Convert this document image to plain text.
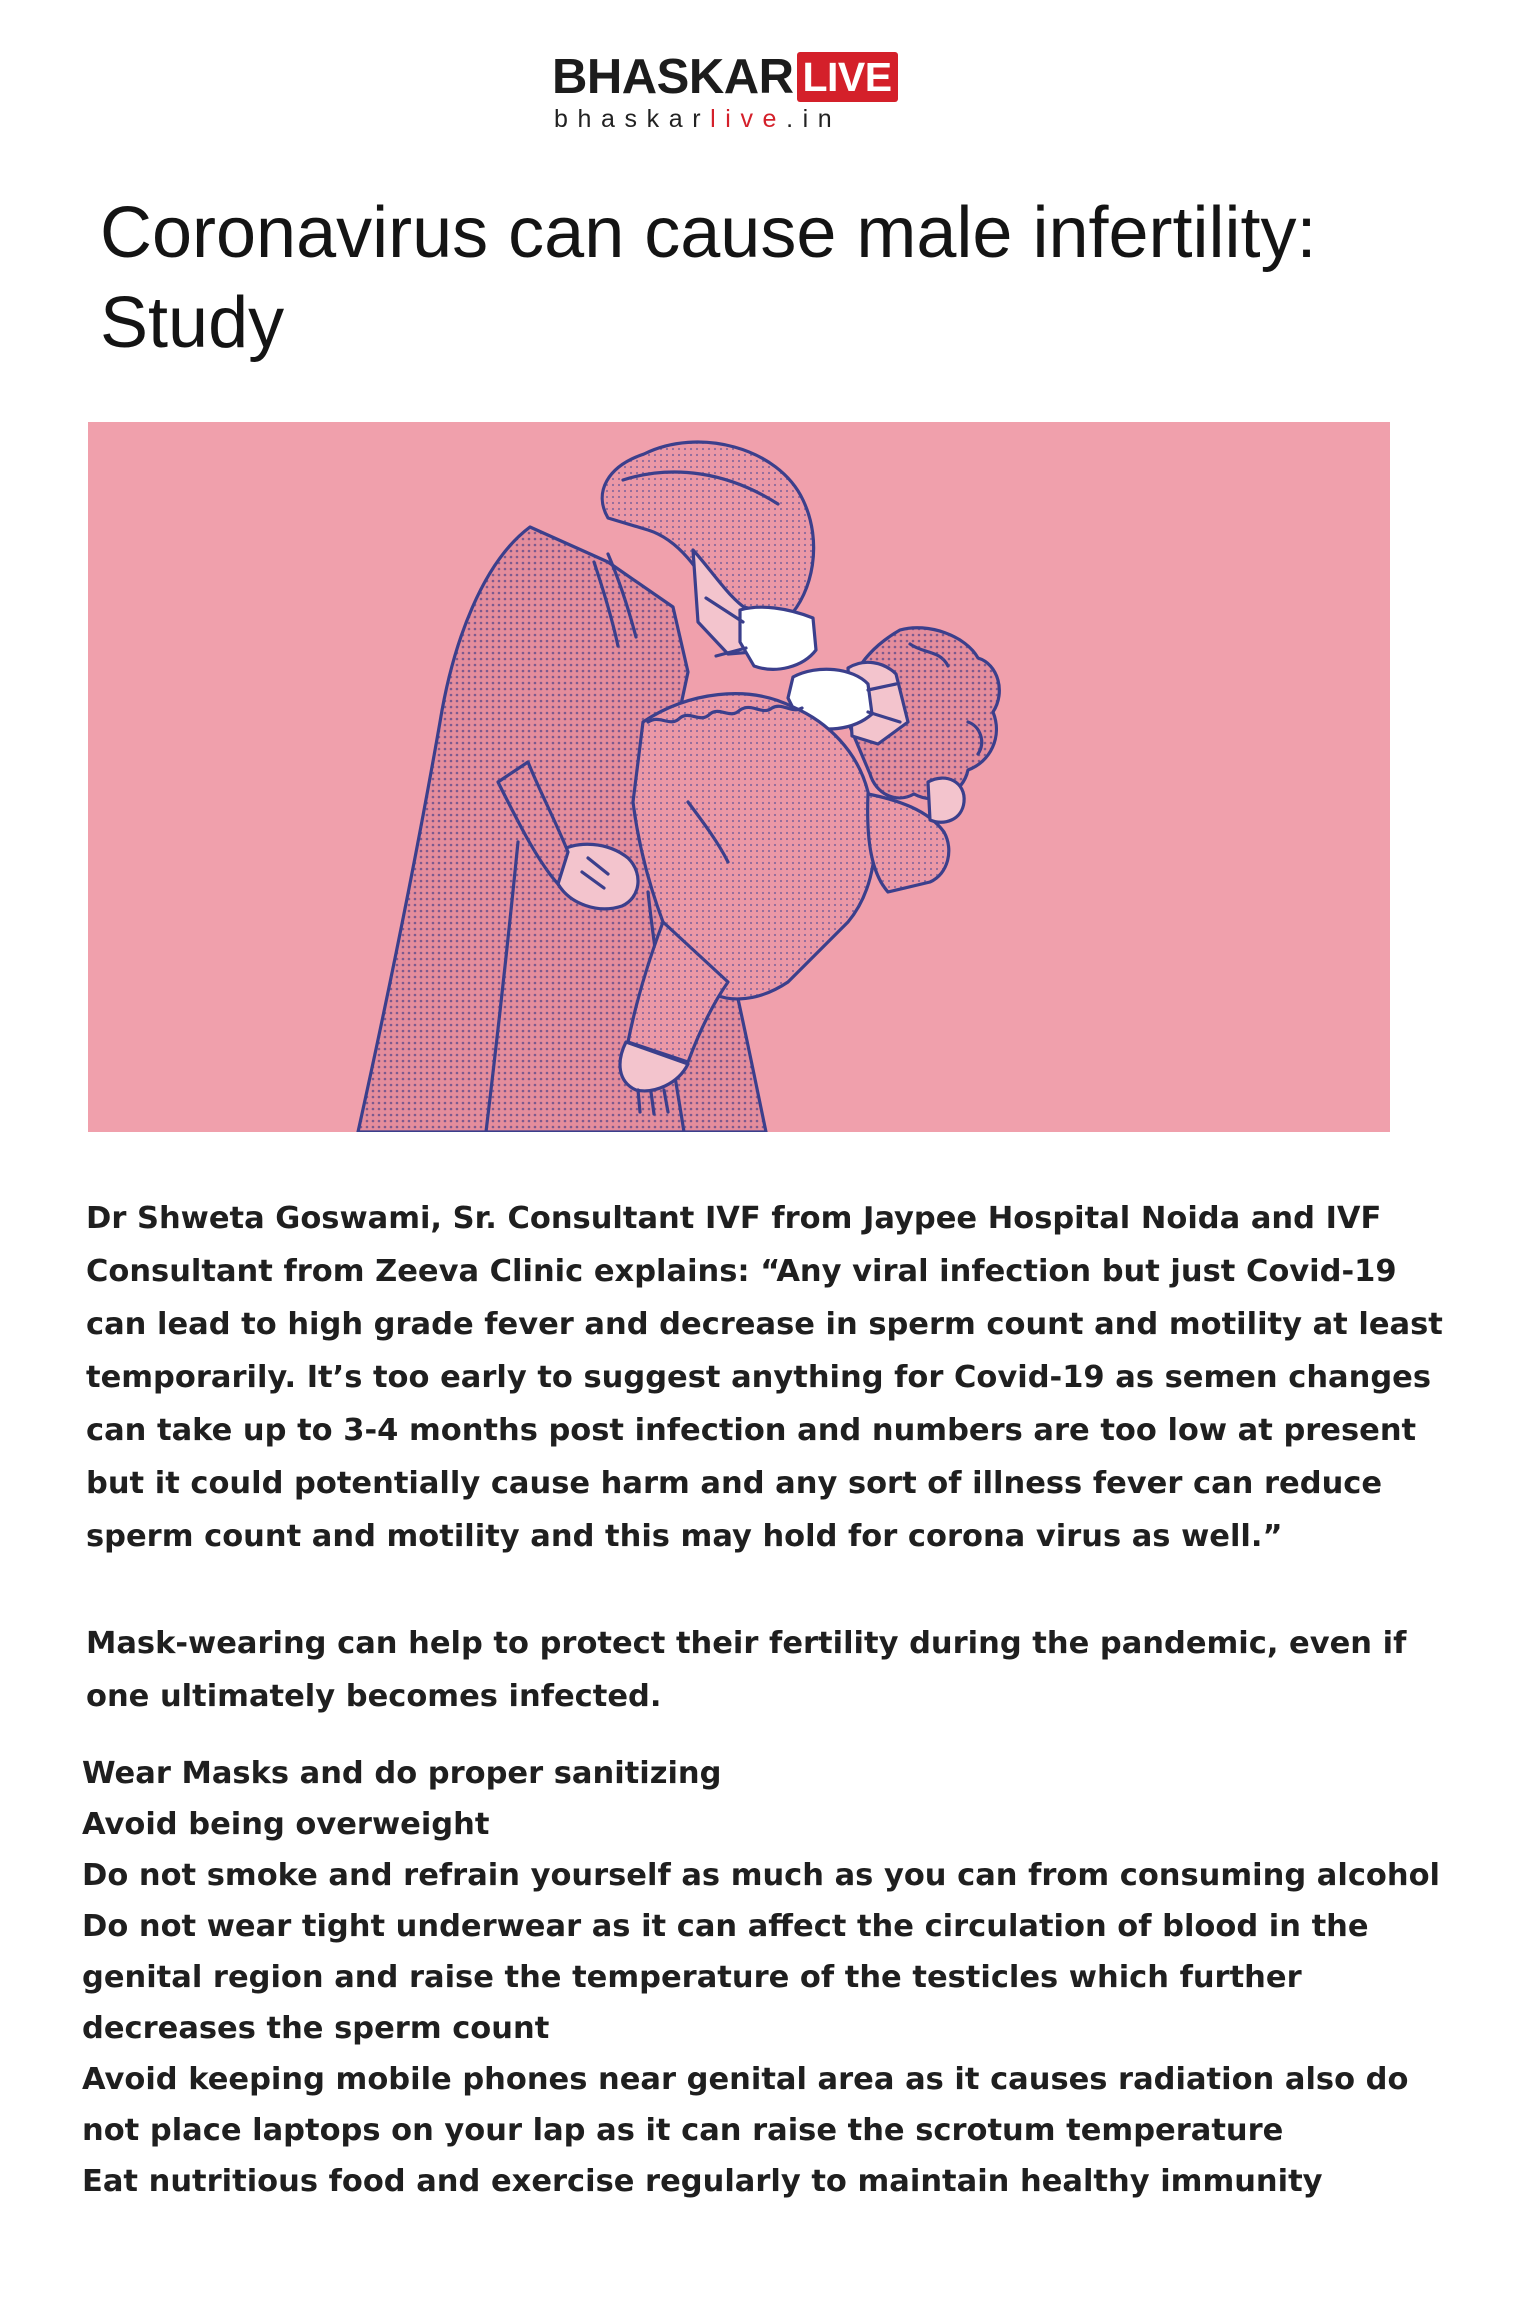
BHASKAR LIVE
bhaskarlive.in
Coronavirus can cause male infertility: Study

Dr Shweta Goswami, Sr. Consultant IVF from Jaypee Hospital Noida and IVF Consultant from Zeeva Clinic explains: “Any viral infection but just Covid-19 can lead to high grade fever and decrease in sperm count and motility at least temporarily. It’s too early to suggest anything for Covid-19 as semen changes can take up to 3-4 months post infection and numbers are too low at present but it could potentially cause harm and any sort of illness fever can reduce sperm count and motility and this may hold for corona virus as well.”

Mask-wearing can help to protect their fertility during the pandemic, even if one ultimately becomes infected.

Wear Masks and do proper sanitizing
Avoid being overweight
Do not smoke and refrain yourself as much as you can from consuming alcohol
Do not wear tight underwear as it can affect the circulation of blood in the genital region and raise the temperature of the testicles which further decreases the sperm count
Avoid keeping mobile phones near genital area as it causes radiation also do not place laptops on your lap as it can raise the scrotum temperature
Eat nutritious food and exercise regularly to maintain healthy immunity
